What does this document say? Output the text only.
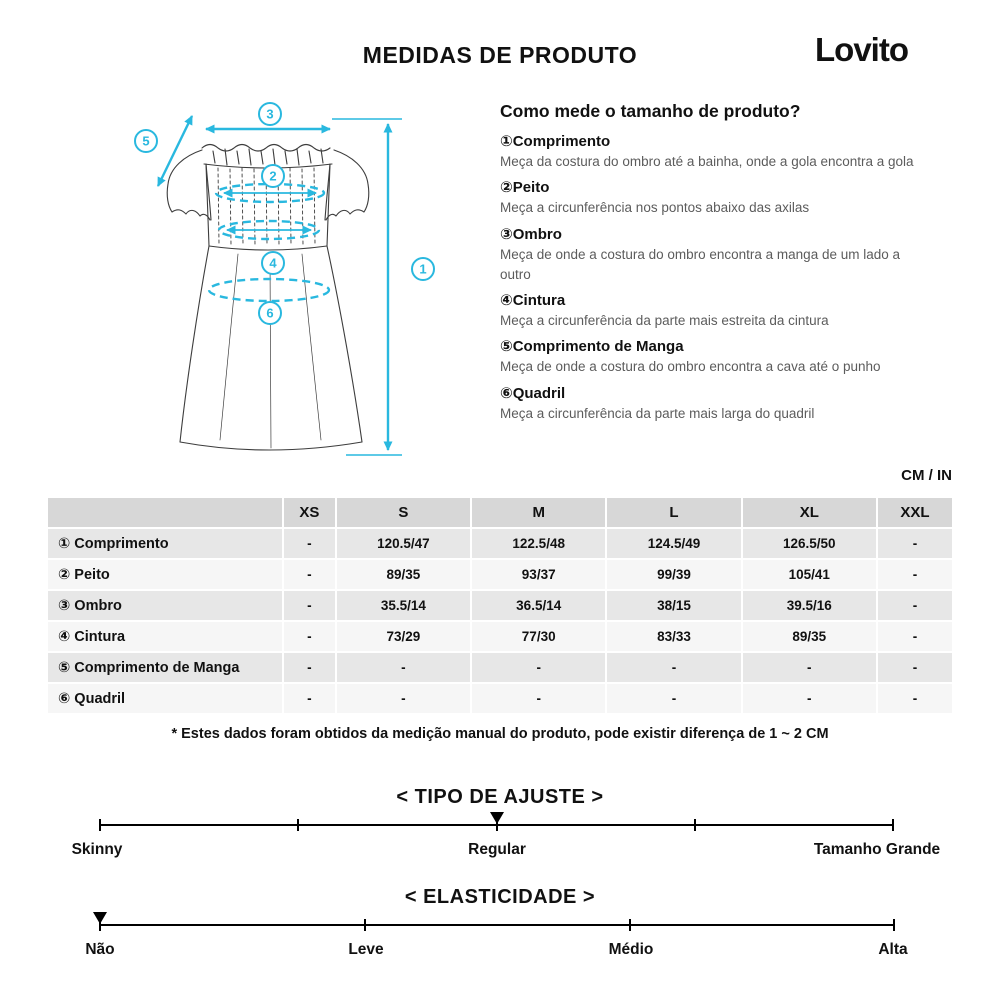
MEDIDAS DE PRODUTO	Lovito
3
5
2
4
6
1
Como mede o tamanho de produto?
①Comprimento
Meça da costura do ombro até a bainha, onde a gola encontra a gola
②Peito
Meça a circunferência nos pontos abaixo das axilas
③Ombro
Meça de onde a costura do ombro encontra a manga de um lado a outro
④Cintura
Meça a circunferência da parte mais estreita da cintura
⑤Comprimento de Manga
Meça de onde a costura do ombro encontra a cava até o punho
⑥Quadril
Meça a circunferência da parte mais larga do quadril
CM / IN
	XS	S	M	L	XL	XXL
① Comprimento	-	120.5/47	122.5/48	124.5/49	126.5/50	-
② Peito	-	89/35	93/37	99/39	105/41	-
③ Ombro	-	35.5/14	36.5/14	38/15	39.5/16	-
④ Cintura	-	73/29	77/30	83/33	89/35	-
⑤ Comprimento de Manga	-	-	-	-	-	-
⑥ Quadril	-	-	-	-	-	-
* Estes dados foram obtidos da medição manual do produto, pode existir diferença de 1 ~ 2 CM
< TIPO DE AJUSTE >
Skinny	Regular	Tamanho Grande
< ELASTICIDADE >
Não	Leve	Médio	Alta
